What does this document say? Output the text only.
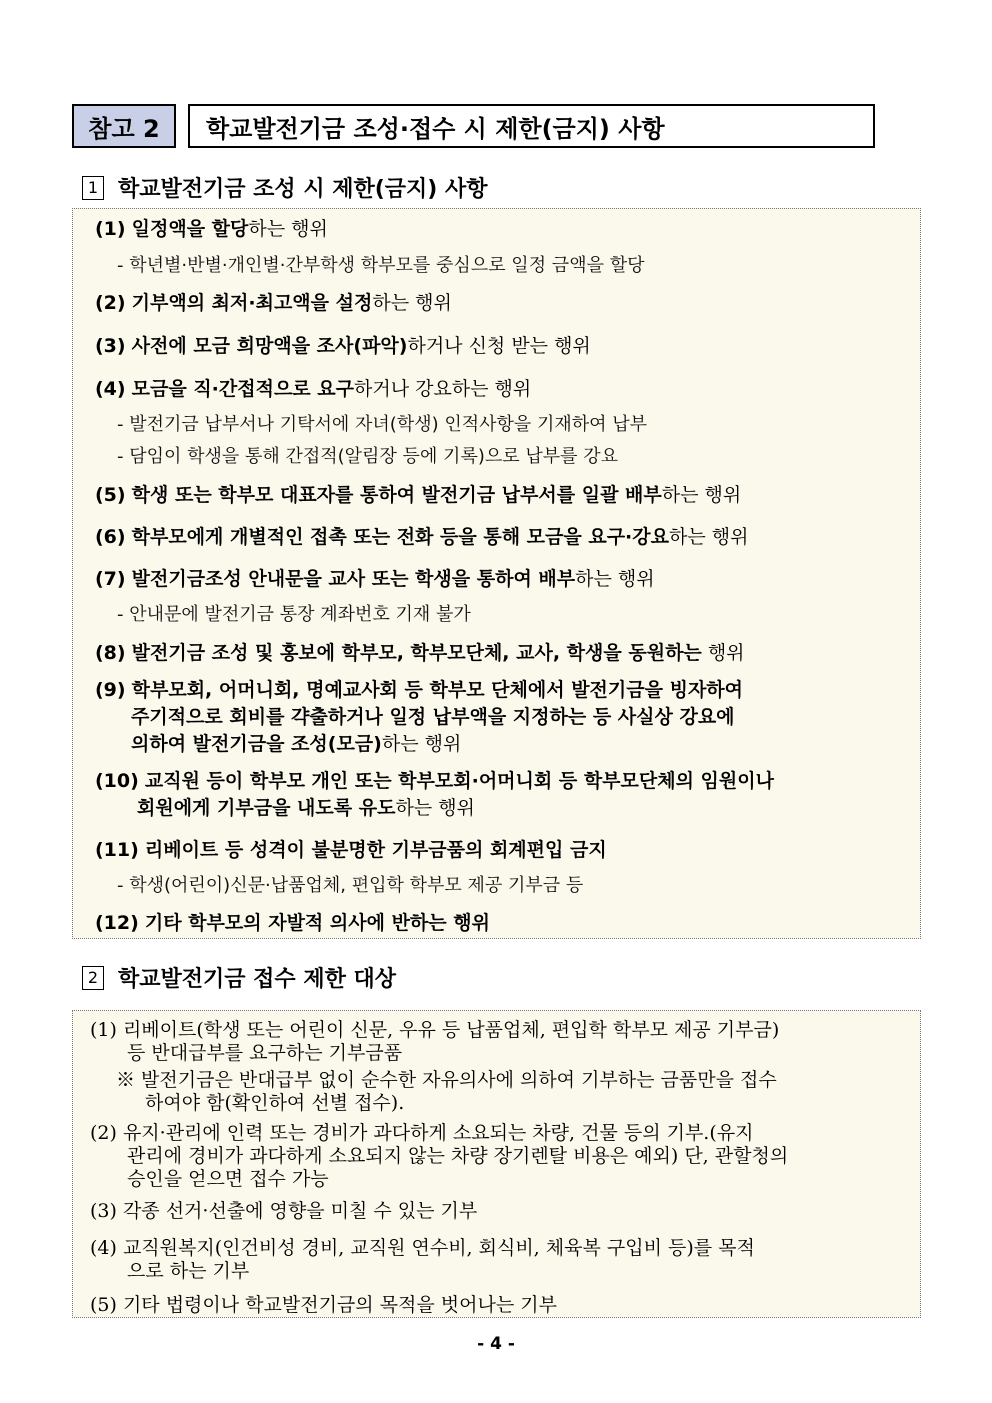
참고 2	학교발전기금 조성·접수 시 제한(금지) 사항
1 학교발전기금 조성 시 제한(금지) 사항
(1) 일정액을 할당하는 행위
- 학년별·반별·개인별·간부학생 학부모를 중심으로 일정 금액을 할당
(2) 기부액의 최저·최고액을 설정하는 행위
(3) 사전에 모금 희망액을 조사(파악)하거나 신청 받는 행위
(4) 모금을 직·간접적으로 요구하거나 강요하는 행위
- 발전기금 납부서나 기탁서에 자녀(학생) 인적사항을 기재하여 납부
- 담임이 학생을 통해 간접적(알림장 등에 기록)으로 납부를 강요
(5) 학생 또는 학부모 대표자를 통하여 발전기금 납부서를 일괄 배부하는 행위
(6) 학부모에게 개별적인 접촉 또는 전화 등을 통해 모금을 요구·강요하는 행위
(7) 발전기금조성 안내문을 교사 또는 학생을 통하여 배부하는 행위
- 안내문에 발전기금 통장 계좌번호 기재 불가
(8) 발전기금 조성 및 홍보에 학부모, 학부모단체, 교사, 학생을 동원하는 행위
(9) 학부모회, 어머니회, 명예교사회 등 학부모 단체에서 발전기금을 빙자하여
주기적으로 회비를 갹출하거나 일정 납부액을 지정하는 등 사실상 강요에
의하여 발전기금을 조성(모금)하는 행위
(10) 교직원 등이 학부모 개인 또는 학부모회·어머니회 등 학부모단체의 임원이나
회원에게 기부금을 내도록 유도하는 행위
(11) 리베이트 등 성격이 불분명한 기부금품의 회계편입 금지
- 학생(어린이)신문·납품업체, 편입학 학부모 제공 기부금 등
(12) 기타 학부모의 자발적 의사에 반하는 행위
2 학교발전기금 접수 제한 대상
(1) 리베이트(학생 또는 어린이 신문, 우유 등 납품업체, 편입학 학부모 제공 기부금)
등 반대급부를 요구하는 기부금품
※ 발전기금은 반대급부 없이 순수한 자유의사에 의하여 기부하는 금품만을 접수
하여야 함(확인하여 선별 접수).
(2) 유지·관리에 인력 또는 경비가 과다하게 소요되는 차량, 건물 등의 기부.(유지
관리에 경비가 과다하게 소요되지 않는 차량 장기렌탈 비용은 예외) 단, 관할청의
승인을 얻으면 접수 가능
(3) 각종 선거·선출에 영향을 미칠 수 있는 기부
(4) 교직원복지(인건비성 경비, 교직원 연수비, 회식비, 체육복 구입비 등)를 목적
으로 하는 기부
(5) 기타 법령이나 학교발전기금의 목적을 벗어나는 기부
- 4 -
